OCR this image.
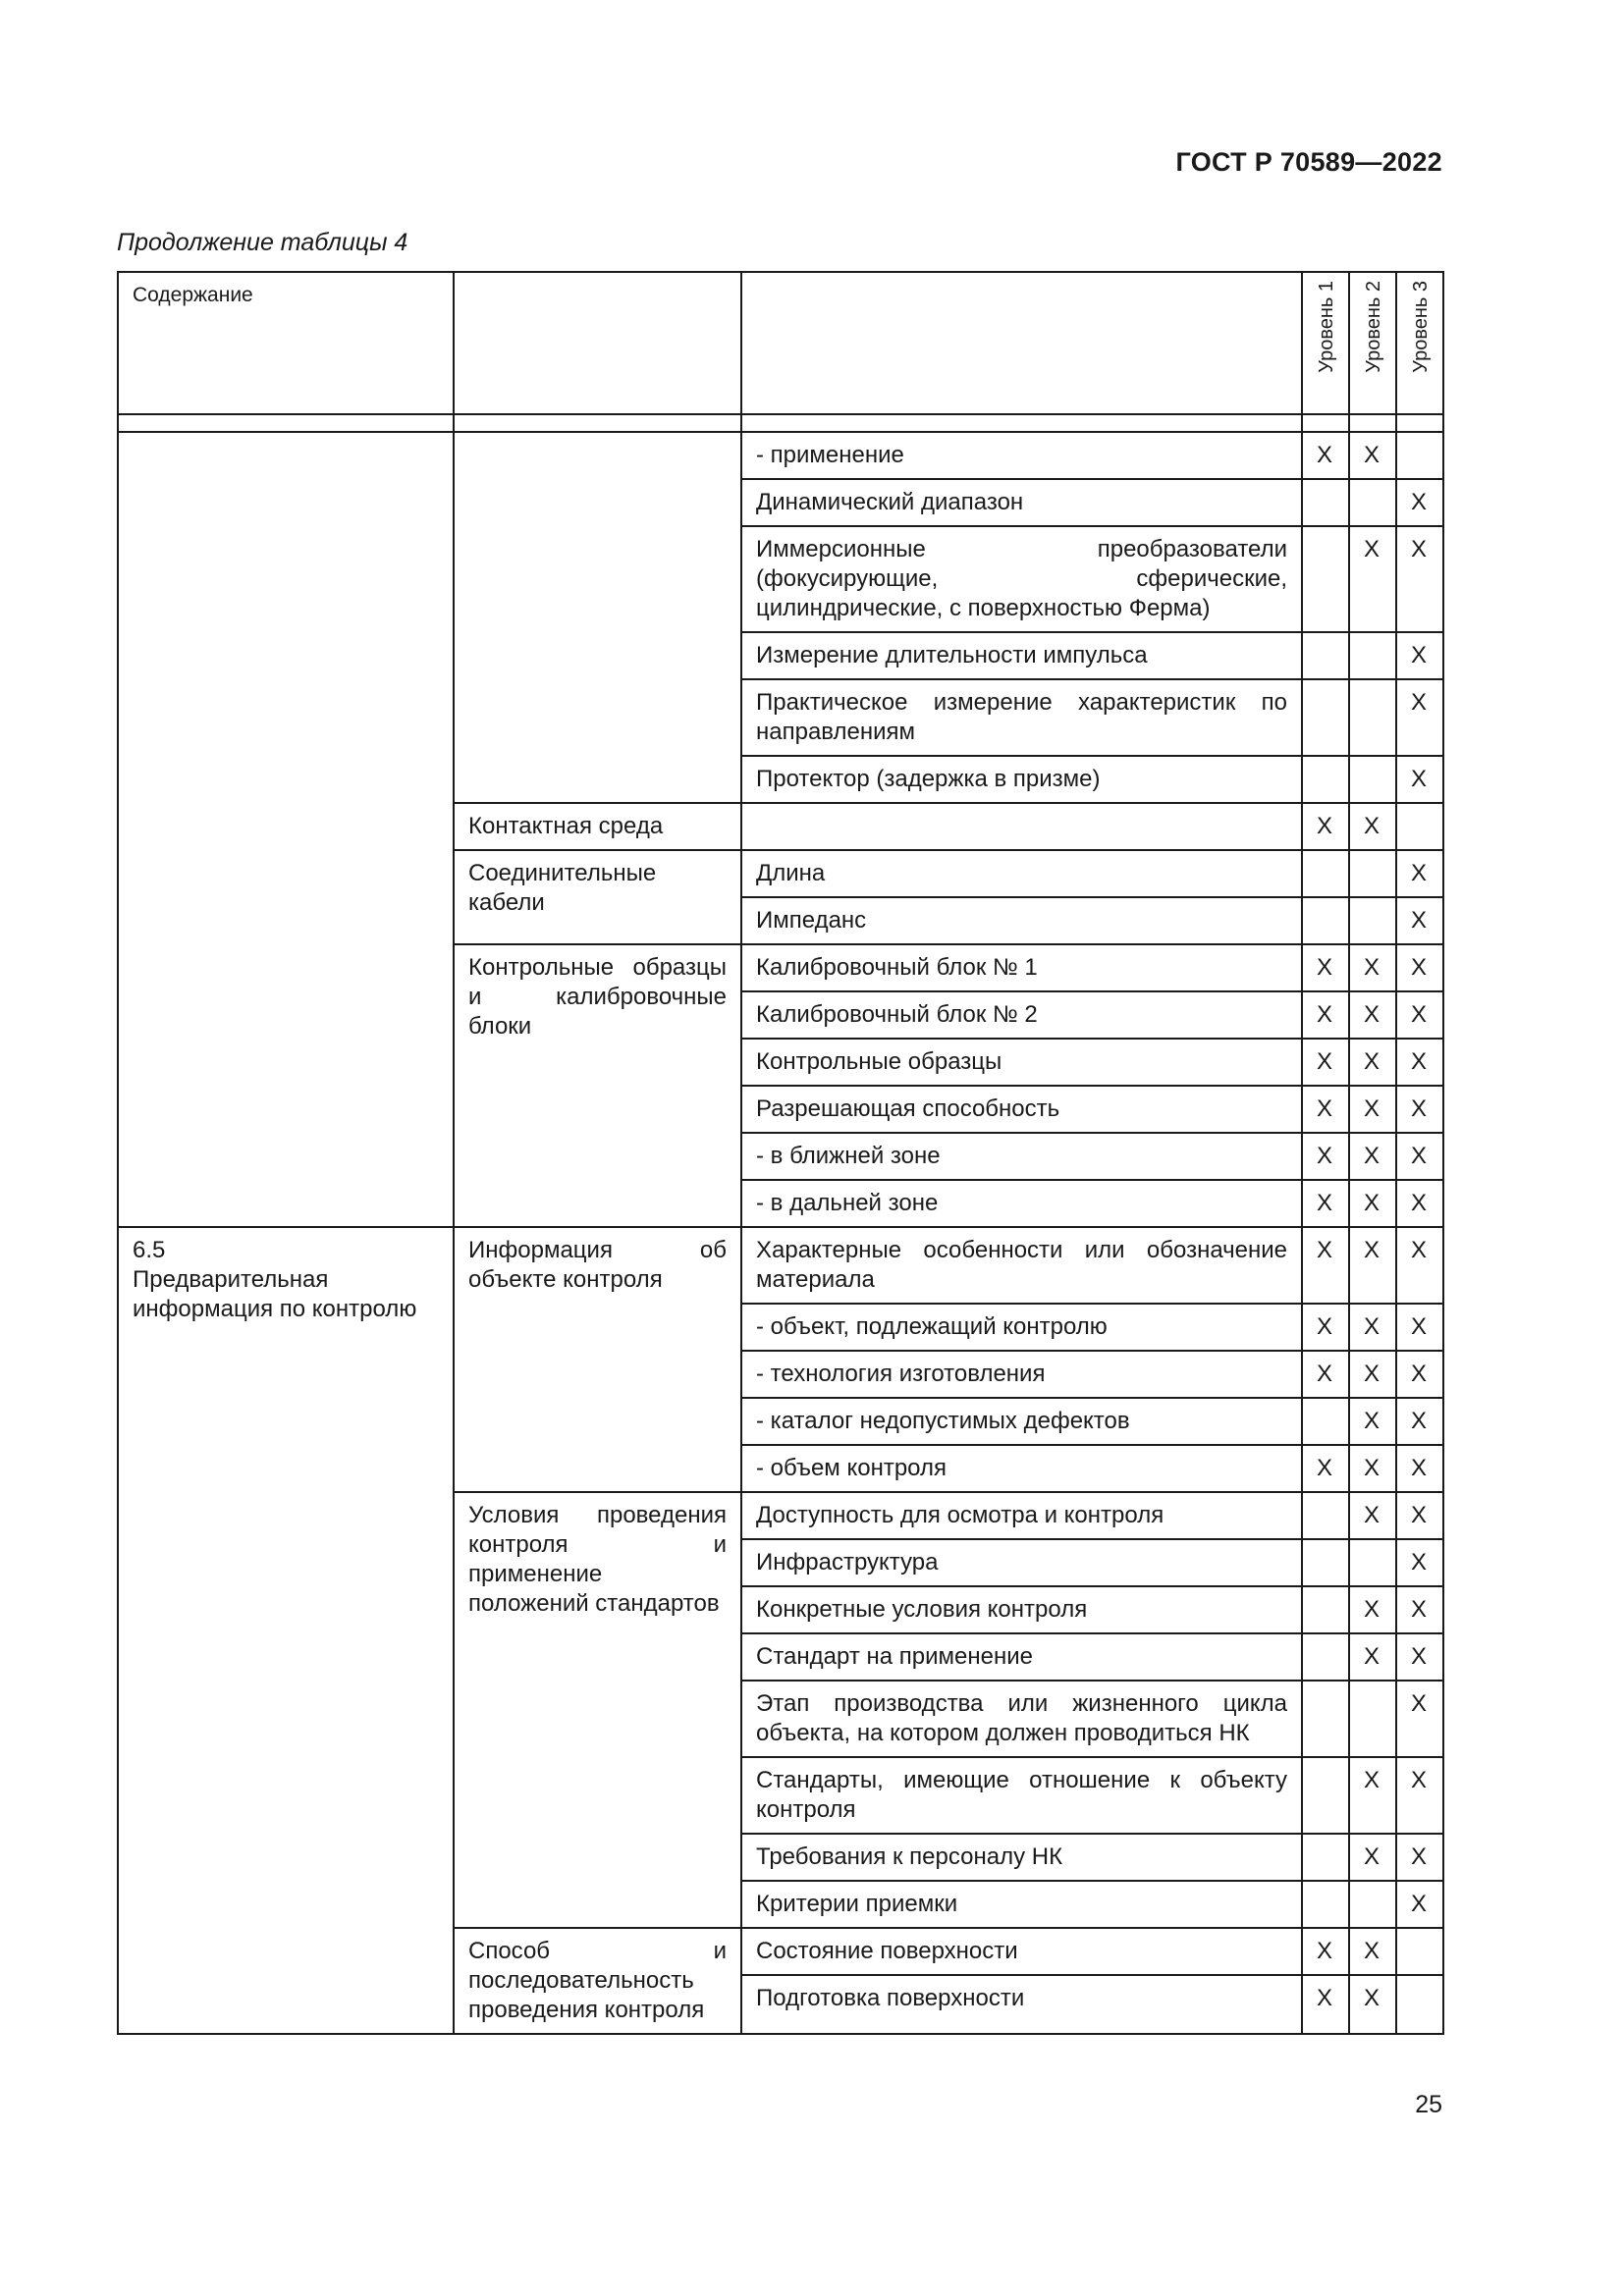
ГОСТ Р 70589—2022
Продолжение таблицы 4
Содержание			Уровень 1	Уровень 2	Уровень 3

		- применение	X	X	
		Динамический диапазон			X
		Иммерсионные преобразователи (фокусирующие, сферические, цилиндрические, с поверхностью Ферма)		X	X
		Измерение длительности импульса			X
		Практическое измерение характеристик по направлениям			X
		Протектор (задержка в призме)			X
	Контактная среда		X	X	
	Соединительные кабели	Длина			X
		Импеданс			X
	Контрольные образцы и калибровочные блоки	Калибровочный блок № 1	X	X	X
		Калибровочный блок № 2	X	X	X
		Контрольные образцы	X	X	X
		Разрешающая способность	X	X	X
		- в ближней зоне	X	X	X
		- в дальней зоне	X	X	X

6.5
Предварительная информация по контролю	Информация об объекте контроля	Характерные особенности или обозначение материала	X	X	X
		- объект, подлежащий контролю	X	X	X
		- технология изготовления	X	X	X
		- каталог недопустимых дефектов		X	X
		- объем контроля	X	X	X
	Условия проведения контроля и применение положений стандартов	Доступность для осмотра и контроля		X	X
		Инфраструктура			X
		Конкретные условия контроля		X	X
		Стандарт на применение		X	X
		Этап производства или жизненного цикла объекта, на котором должен проводиться НК			X
		Стандарты, имеющие отношение к объекту контроля		X	X
		Требования к персоналу НК		X	X
		Критерии приемки			X
	Способ и последовательность проведения контроля	Состояние поверхности	X	X	
		Подготовка поверхности	X	X	
25
